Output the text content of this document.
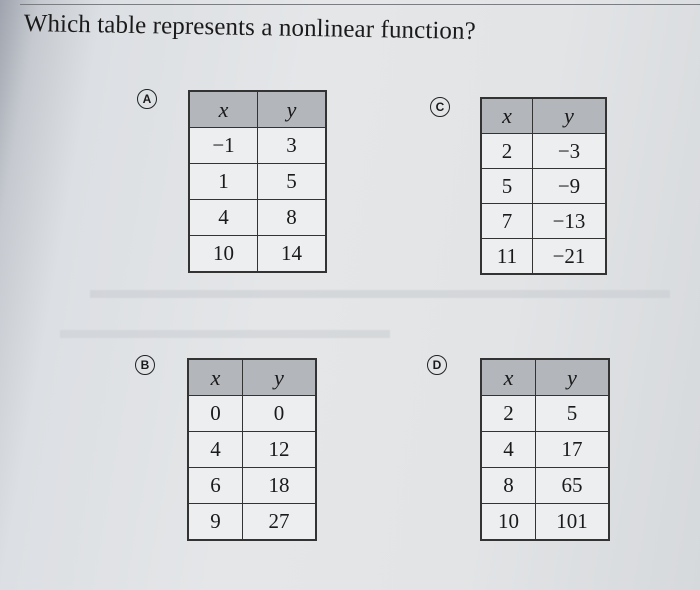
Which table represents a nonlinear function?
A	x	y
−1	3
1	5
4	8
10	14
C	x	y
2	−3
5	−9
7	−13
11	−21
B	x	y
0	0
4	12
6	18
9	27
D	x	y
2	5
4	17
8	65
10	101
